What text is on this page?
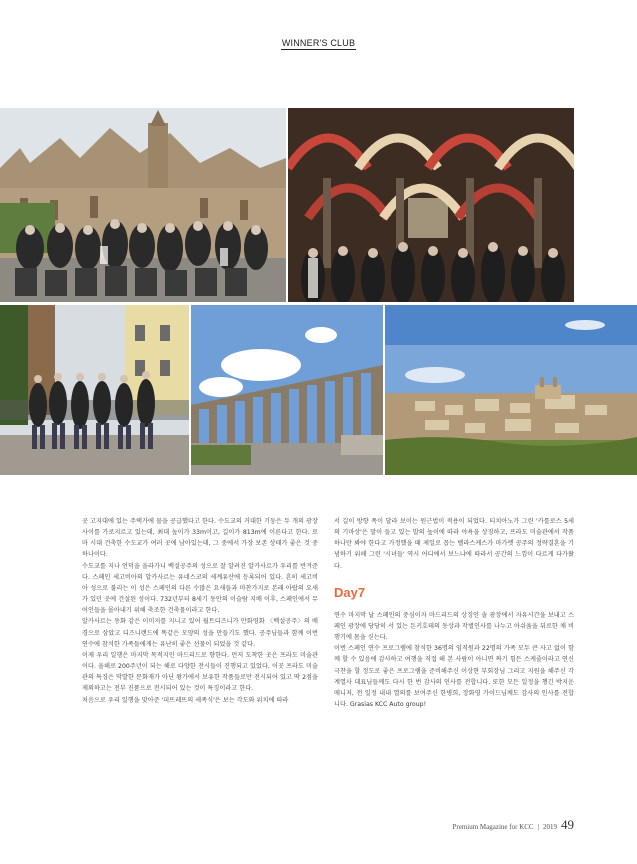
WINNER'S CLUB

곳 고지대에 있는 주택가에 물을 공급했다고 한다. 수도교의 거대한 기둥은 두 개의 광장 사이를 가로지르고 있는데, 최대 높이가 33m이고, 길이가 813m에 이른다고 한다. 로마 시대 건축한 수도교가 여러 곳에 남아있는데, 그 중에서 가장 보존 상태가 좋은 것 중 하나이다.

수도교를 지나 언덕을 올라가니 백설공주의 성으로 잘 알려진 알카사르가 우리를 반겨준다. 스페인 세고비아의 알카사르는 유네스코의 세계유산에 등록되어 있다. 흔히 세고비아 성으로 불리는 이 성은 스페인의 다른 수많은 요새들과 마찬가지로 본래 아랍의 요새가 있던 곳에 건설된 성이다. 732년부터 8세기 동안의 이슬람 지배 이후, 스페인에서 무어인들을 몰아내기 위해 축조한 건축물이라고 한다.

알카사르는 동화 같은 이미지를 지니고 있어 월트디즈니가 만화영화 〈백설공주〉의 배경으로 삼았고 디즈니랜드에 똑같은 모양의 성을 만들기도 했다. 공주님들과 함께 이번 연수에 참석한 가족들에게는 유난히 좋은 선물이 되었을 것 같다.

이제 우리 일행은 마지막 목적지인 마드리드로 향한다. 먼저 도착한 곳은 프라도 미술관이다. 올해로 200주년이 되는 해로 다양한 전시들이 진행되고 있었다. 이곳 프라도 미술관의 특징은 막발한 문화재가 아닌 왕가에서 보유한 작품들로만 전시되어 있고 딱 2점을 제외하고는 전부 진품으로 전시되어 있는 것이 특징이라고 한다.

처음으로 우리 일행을 맞아준 '피뜨레뜨의 세족식'은 보는 각도와 위치에 따라

서 길이 방향 폭이 달라 보이는 원근법이 적용이 되었다. 티치아노가 그린 '카를로스 5세의 기마상'은 말이 들고 있는 발의 높이에 따라 야욕을 상징하고, 프라도 미술관에서 작품 하나만 봐야 한다고 가정했을 때 제일로 꼽는 벨라스케스가 마가렛 공주의 정략결혼을 기념하기 위해 그린 '시녀들' 역시 어디에서 보느냐에 따라서 공간의 느낌이 다르게 다가왔다.

Day7

연수 마지막 날 스페인의 중심이자 마드리드의 상징인 솔 광장에서 자유시간을 보내고 스페인 광장에 당당히 서 있는 돈키호테의 동상과 작별인사를 나누고 아쉬움을 뒤로한 채 비행기에 몸을 싣는다.

이번 스페인 연수 프로그램에 참석한 36명의 임직원과 22명의 가족 모두 큰 사고 없이 함께 할 수 있음에 감사하고 여행을 직접 해 본 사람이 아니면 짜기 힘든 스케줄이라고 연신 극찬을 할 정도로 좋은 프로그램을 준비해주신 이상현 부회장님 그리고 지원을 해주신 각 계열사 대표님들께도 다시 한 번 감사의 인사를 전합니다. 또한 모든 일정을 챙긴 박지운 매니저, 전 일정 내내 열의를 보여주신 한병희, 장화영 가이드님께도 감사의 인사를 전합니다. Grasias KCC Auto group!

Premium Magazine for KCC | 2019 49
